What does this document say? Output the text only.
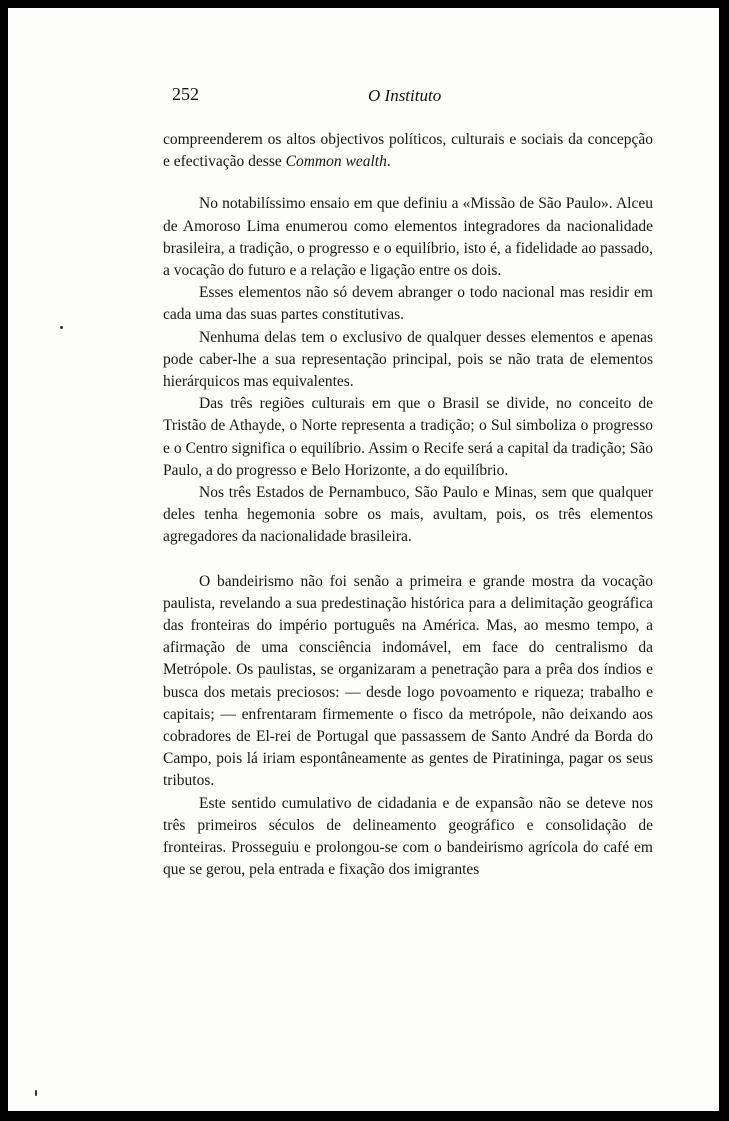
252	O Instituto

compreenderem os altos objectivos políticos, culturais e sociais da concepção e efectivação desse Common wealth.

No notabilíssimo ensaio em que definiu a «Missão de São Paulo». Alceu de Amoroso Lima enumerou como elementos integradores da nacionalidade brasileira, a tradição, o progresso e o equilíbrio, isto é, a fidelidade ao passado, a vocação do futuro e a relação e ligação entre os dois.

Esses elementos não só devem abranger o todo nacional mas residir em cada uma das suas partes constitutivas.

Nenhuma delas tem o exclusivo de qualquer desses elementos e apenas pode caber-lhe a sua representação principal, pois se não trata de elementos hierárquicos mas equivalentes.

Das três regiões culturais em que o Brasil se divide, no conceito de Tristão de Athayde, o Norte representa a tradição; o Sul simboliza o progresso e o Centro significa o equilíbrio. Assim o Recife será a capital da tradição; São Paulo, a do progresso e Belo Horizonte, a do equilíbrio.

Nos três Estados de Pernambuco, São Paulo e Minas, sem que qualquer deles tenha hegemonia sobre os mais, avultam, pois, os três elementos agregadores da nacionalidade brasileira.

O bandeirismo não foi senão a primeira e grande mostra da vocação paulista, revelando a sua predestinação histórica para a delimitação geográfica das fronteiras do império português na América. Mas, ao mesmo tempo, a afirmação de uma consciência indomável, em face do centralismo da Metrópole. Os paulistas, se organizaram a penetração para a prêa dos índios e busca dos metais preciosos: — desde logo povoamento e riqueza; trabalho e capitais; — enfrentaram firmemente o fisco da metrópole, não deixando aos cobradores de El-rei de Portugal que passassem de Santo André da Borda do Campo, pois lá iriam espontâneamente as gentes de Piratininga, pagar os seus tributos.

Este sentido cumulativo de cidadania e de expansão não se deteve nos três primeiros séculos de delineamento geográfico e consolidação de fronteiras. Prosseguiu e prolongou-se com o bandeirismo agrícola do café em que se gerou, pela entrada e fixação dos imigrantes
